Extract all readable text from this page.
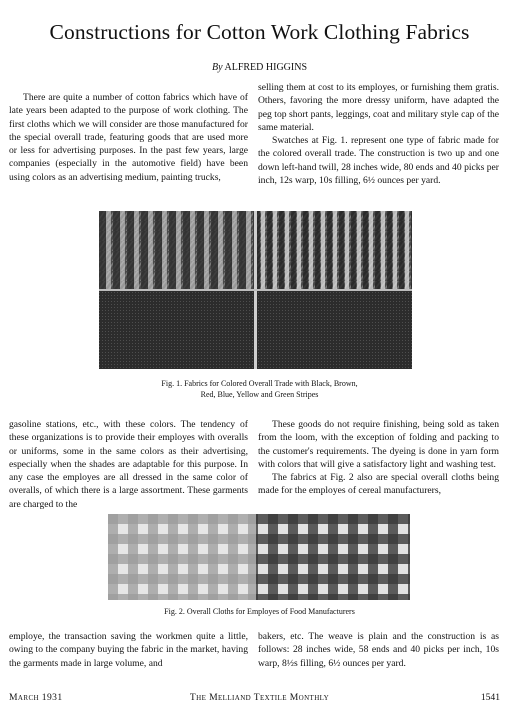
Constructions for Cotton Work Clothing Fabrics
By ALFRED HIGGINS

There are quite a number of cotton fabrics which have of late years been adapted to the purpose of work clothing. The first cloths which we will consider are those manufactured for the special overall trade, featuring goods that are used more or less for advertising purposes. In the past few years, large companies (especially in the automotive field) have been using colors as an advertising medium, painting trucks,

selling them at cost to its employes, or furnishing them gratis. Others, favoring the more dressy uniform, have adapted the peg top short pants, leggings, coat and military style cap of the same material.

Swatches at Fig. 1. represent one type of fabric made for the colored overall trade. The construction is two up and one down left-hand twill, 28 inches wide, 80 ends and 40 picks per inch, 12s warp, 10s filling, 6½ ounces per yard.

Fig. 1. Fabrics for Colored Overall Trade with Black, Brown,
Red, Blue, Yellow and Green Stripes

gasoline stations, etc., with these colors. The tendency of these organizations is to provide their employes with overalls or uniforms, some in the same colors as their advertising, especially when the shades are adaptable for this purpose. In any case the employes are all dressed in the same color of overalls, of which there is a large assortment. These garments are charged to the

These goods do not require finishing, being sold as taken from the loom, with the exception of folding and packing to the customer's requirements. The dyeing is done in yarn form with colors that will give a satisfactory light and washing test.

The fabrics at Fig. 2 also are special overall cloths being made for the employes of cereal manufacturers,

Fig. 2. Overall Cloths for Employes of Food Manufacturers

employe, the transaction saving the workmen quite a little, owing to the company buying the fabric in the market, having the garments made in large volume, and

bakers, etc. The weave is plain and the construction is as follows: 28 inches wide, 58 ends and 40 picks per inch, 10s warp, 8½s filling, 6½ ounces per yard.

March 1931	The Melliand Textile Monthly	1541
